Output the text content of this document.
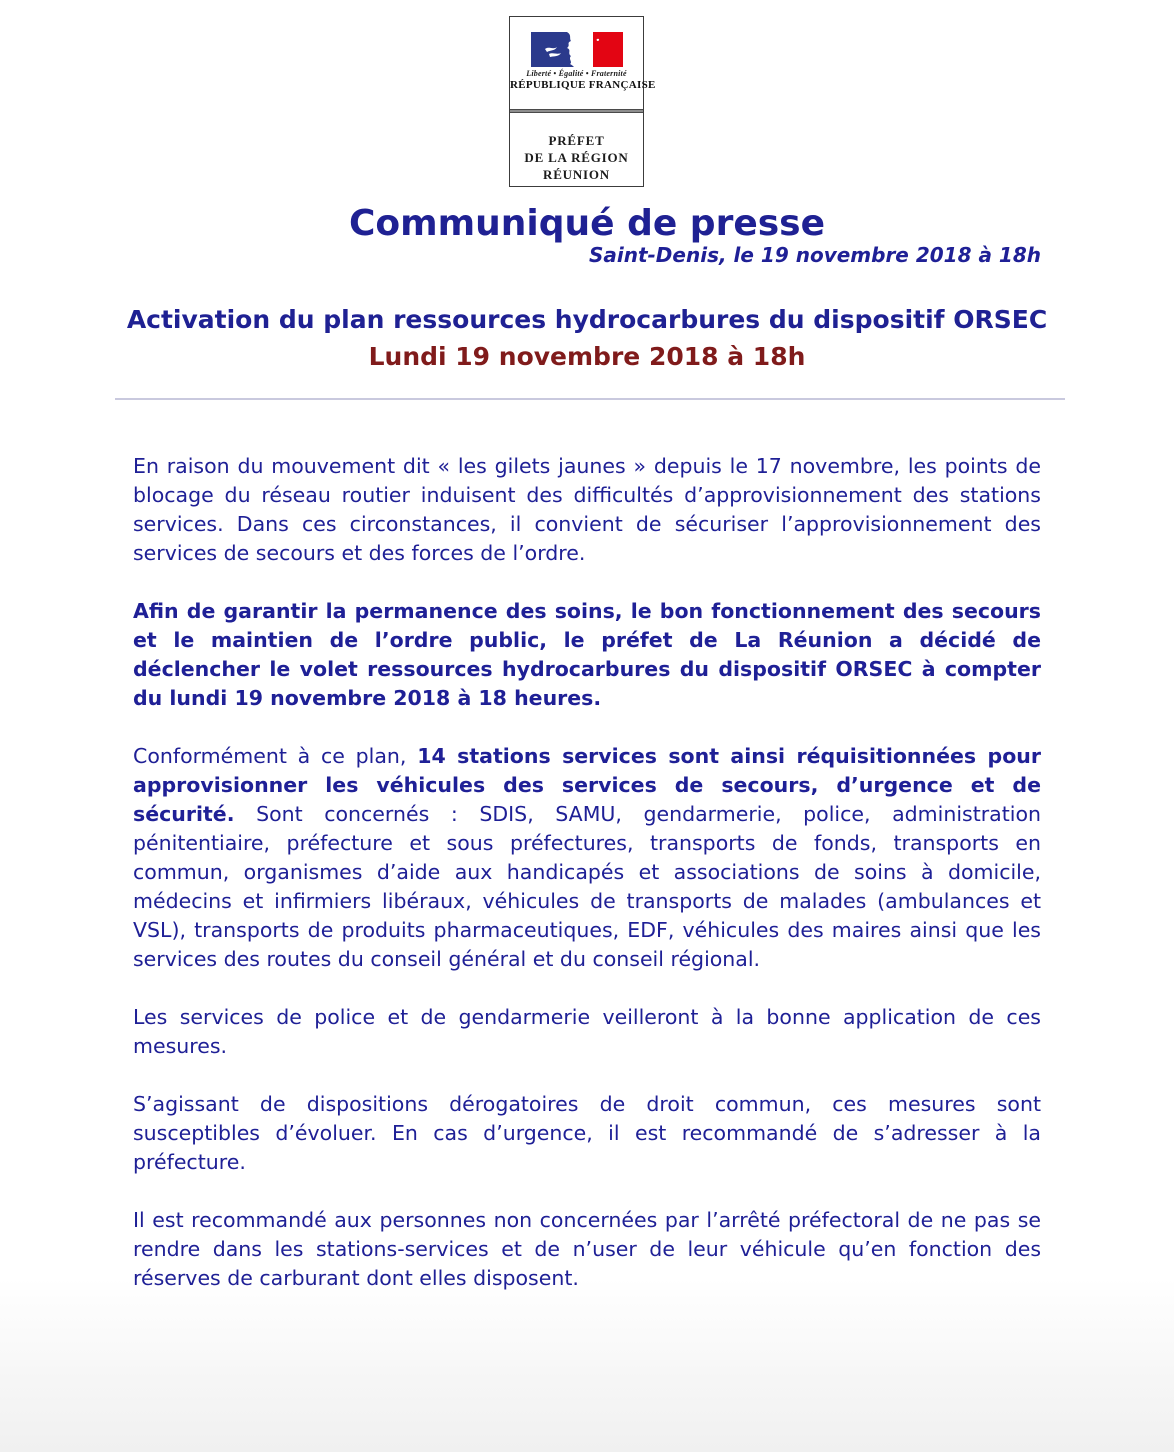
Liberté • Égalité • Fraternité
RÉPUBLIQUE FRANÇAISE
PRÉFET
DE LA RÉGION
RÉUNION
Communiqué de presse
Saint-Denis, le 19 novembre 2018 à 18h
Activation du plan ressources hydrocarbures du dispositif ORSEC
Lundi 19 novembre 2018 à 18h

En raison du mouvement dit « les gilets jaunes » depuis le 17 novembre, les points de blocage du réseau routier induisent des difficultés d’approvisionnement des stations services. Dans ces circonstances, il convient de sécuriser l’approvisionnement des services de secours et des forces de l’ordre.

Afin de garantir la permanence des soins, le bon fonctionnement des secours et le maintien de l’ordre public, le préfet de La Réunion a décidé de déclencher le volet ressources hydrocarbures du dispositif ORSEC à compter du lundi 19 novembre 2018 à 18 heures.

Conformément à ce plan, 14 stations services sont ainsi réquisitionnées pour approvisionner les véhicules des services de secours, d’urgence et de sécurité. Sont concernés : SDIS, SAMU, gendarmerie, police, administration pénitentiaire, préfecture et sous préfectures, transports de fonds, transports en commun, organismes d’aide aux handicapés et associations de soins à domicile, médecins et infirmiers libéraux, véhicules de transports de malades (ambulances et VSL), transports de produits pharmaceutiques, EDF, véhicules des maires ainsi que les services des routes du conseil général et du conseil régional.

Les services de police et de gendarmerie veilleront à la bonne application de ces mesures.

S’agissant de dispositions dérogatoires de droit commun, ces mesures sont susceptibles d’évoluer. En cas d’urgence, il est recommandé de s’adresser à la préfecture.

Il est recommandé aux personnes non concernées par l’arrêté préfectoral de ne pas se rendre dans les stations-services et de n’user de leur véhicule qu’en fonction des réserves de carburant dont elles disposent.
